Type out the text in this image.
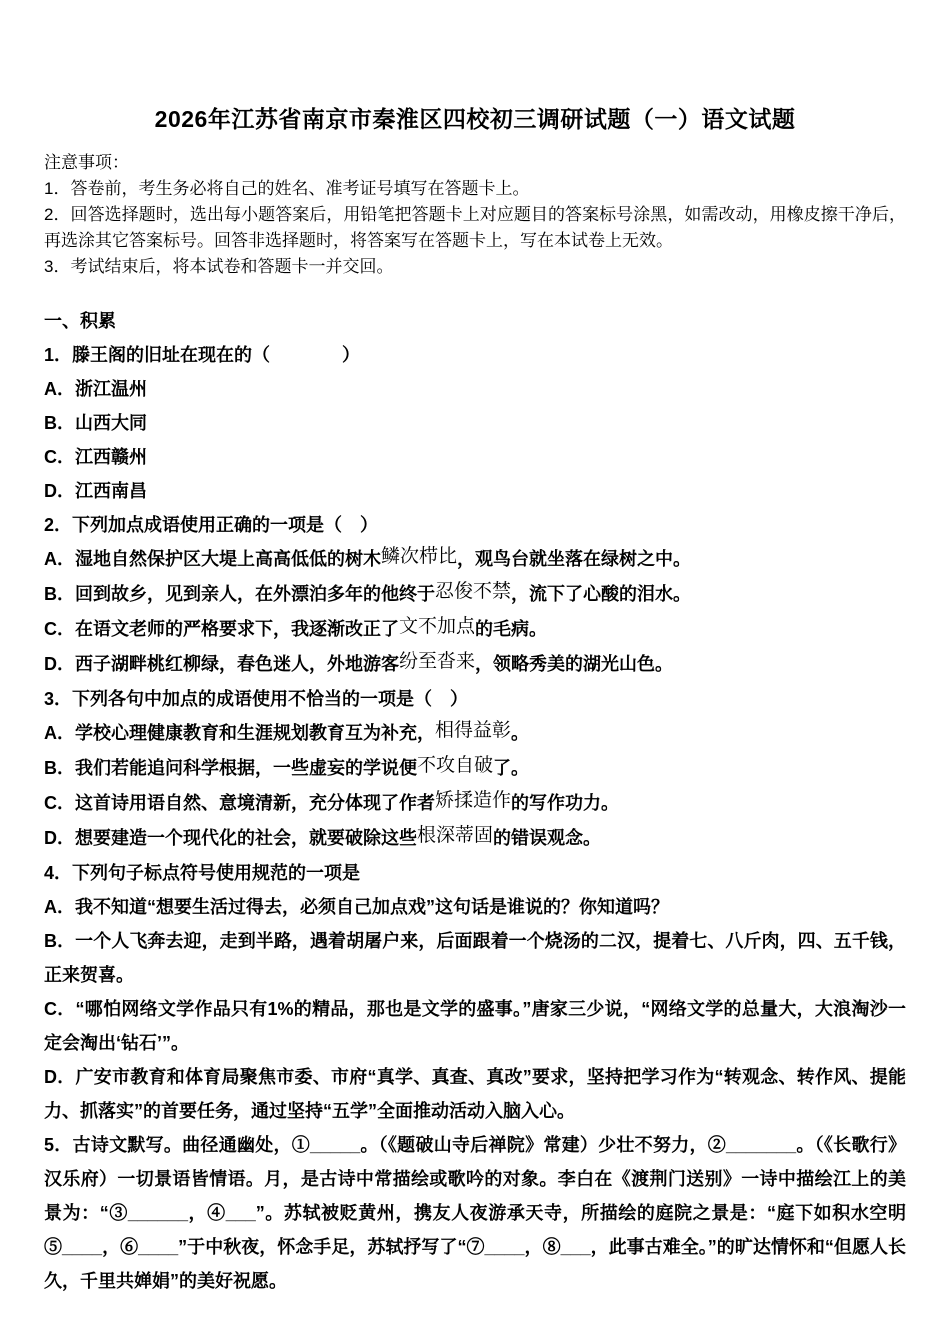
2026年江苏省南京市秦淮区四校初三调研试题（一）语文试题

注意事项：

1．答卷前，考生务必将自己的姓名、准考证号填写在答题卡上。

2．回答选择题时，选出每小题答案后，用铅笔把答题卡上对应题目的答案标号涂黑，如需改动，用橡皮擦干净后，再选涂其它答案标号。回答非选择题时，将答案写在答题卡上，写在本试卷上无效。

3．考试结束后，将本试卷和答题卡一并交回。

一、积累

1．滕王阁的旧址在现在的（　　　　）

A．浙江温州

B．山西大同

C．江西赣州

D．江西南昌

2．下列加点成语使用正确的一项是（　）

A．湿地自然保护区大堤上高高低低的树木鳞次栉比，观鸟台就坐落在绿树之中。

B．回到故乡，见到亲人，在外漂泊多年的他终于忍俊不禁，流下了心酸的泪水。

C．在语文老师的严格要求下，我逐渐改正了文不加点的毛病。

D．西子湖畔桃红柳绿，春色迷人，外地游客纷至沓来，领略秀美的湖光山色。

3．下列各句中加点的成语使用不恰当的一项是（　）

A．学校心理健康教育和生涯规划教育互为补充，相得益彰。

B．我们若能追问科学根据，一些虚妄的学说便不攻自破了。

C．这首诗用语自然、意境清新，充分体现了作者矫揉造作的写作功力。

D．想要建造一个现代化的社会，就要破除这些根深蒂固的错误观念。

4．下列句子标点符号使用规范的一项是

A．我不知道“想要生活过得去，必须自己加点戏”这句话是谁说的？你知道吗？

B．一个人飞奔去迎，走到半路，遇着胡屠户来，后面跟着一个烧汤的二汉，提着七、八斤肉，四、五千钱，正来贺喜。

C．“哪怕网络文学作品只有1%的精品，那也是文学的盛事。”唐家三少说，“网络文学的总量大，大浪淘沙一定会淘出‘钻石’”。

D．广安市教育和体育局聚焦市委、市府“真学、真查、真改”要求，坚持把学习作为“转观念、转作风、提能力、抓落实”的首要任务，通过坚持“五学”全面推动活动入脑入心。

5．古诗文默写。曲径通幽处，①_____。（《题破山寺后禅院》常建）少壮不努力，②_______。（《长歌行》汉乐府）一切景语皆情语。月，是古诗中常描绘或歌吟的对象。李白在《渡荆门送别》一诗中描绘江上的美景为：“③______，④___”。苏轼被贬黄州，携友人夜游承天寺，所描绘的庭院之景是：“庭下如积水空明⑤____，⑥____”于中秋夜，怀念手足，苏轼抒写了“⑦____，⑧___，此事古难全。”的旷达情怀和“但愿人长久，千里共婵娟”的美好祝愿。
